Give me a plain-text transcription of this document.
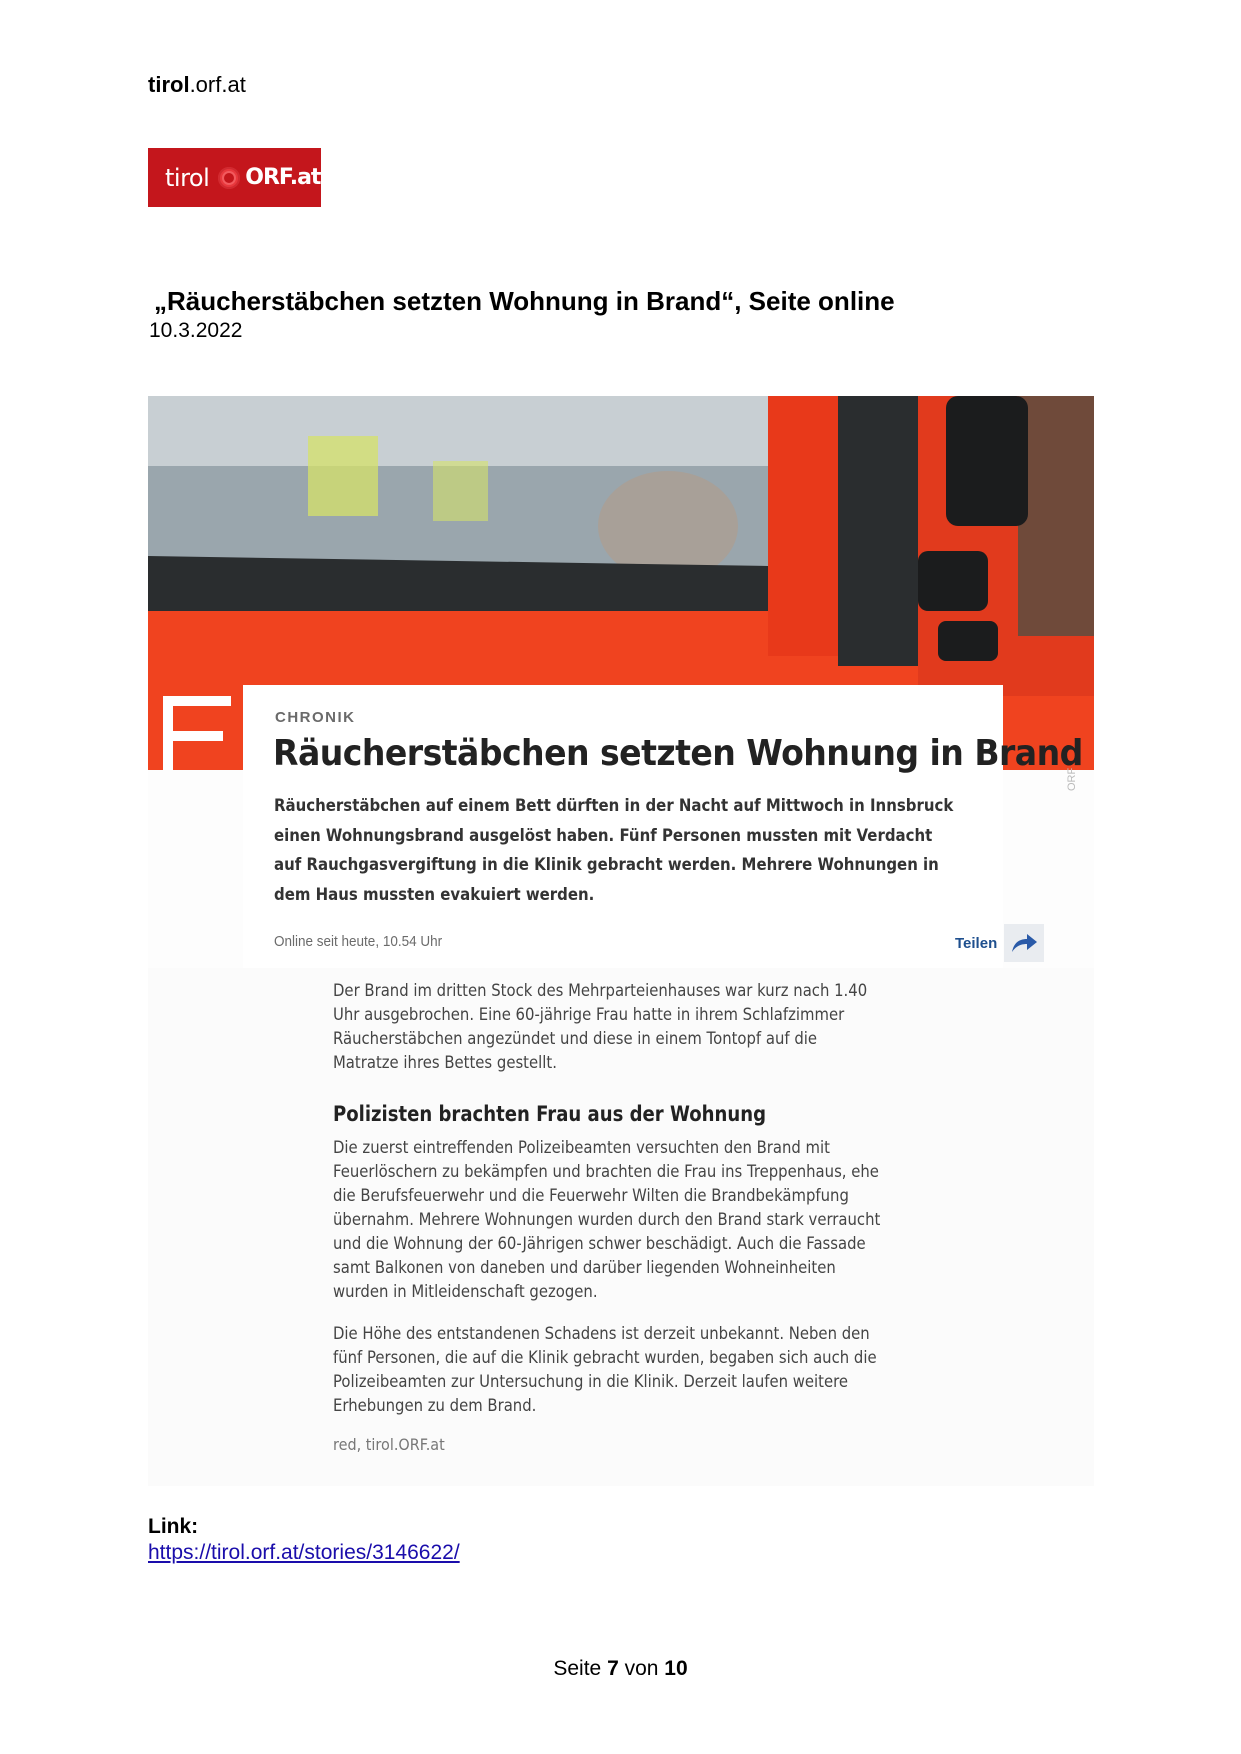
tirol.orf.at
tirol ORF.at
„Räucherstäbchen setzten Wohnung in Brand“, Seite online
10.3.2022
CHRONIK
Räucherstäbchen setzten Wohnung in Brand
Räucherstäbchen auf einem Bett dürften in der Nacht auf Mittwoch in Innsbruck einen Wohnungsbrand ausgelöst haben. Fünf Personen mussten mit Verdacht auf Rauchgasvergiftung in die Klinik gebracht werden. Mehrere Wohnungen in dem Haus mussten evakuiert werden.
Online seit heute, 10.54 Uhr	Teilen
ORF
Der Brand im dritten Stock des Mehrparteienhauses war kurz nach 1.40 Uhr ausgebrochen. Eine 60-jährige Frau hatte in ihrem Schlafzimmer Räucherstäbchen angezündet und diese in einem Tontopf auf die Matratze ihres Bettes gestellt.
Polizisten brachten Frau aus der Wohnung
Die zuerst eintreffenden Polizeibeamten versuchten den Brand mit Feuerlöschern zu bekämpfen und brachten die Frau ins Treppenhaus, ehe die Berufsfeuerwehr und die Feuerwehr Wilten die Brandbekämpfung übernahm. Mehrere Wohnungen wurden durch den Brand stark verraucht und die Wohnung der 60-Jährigen schwer beschädigt. Auch die Fassade samt Balkonen von daneben und darüber liegenden Wohneinheiten wurden in Mitleidenschaft gezogen.
Die Höhe des entstandenen Schadens ist derzeit unbekannt. Neben den fünf Personen, die auf die Klinik gebracht wurden, begaben sich auch die Polizeibeamten zur Untersuchung in die Klinik. Derzeit laufen weitere Erhebungen zu dem Brand.
red, tirol.ORF.at
Link:
https://tirol.orf.at/stories/3146622/
Seite 7 von 10
